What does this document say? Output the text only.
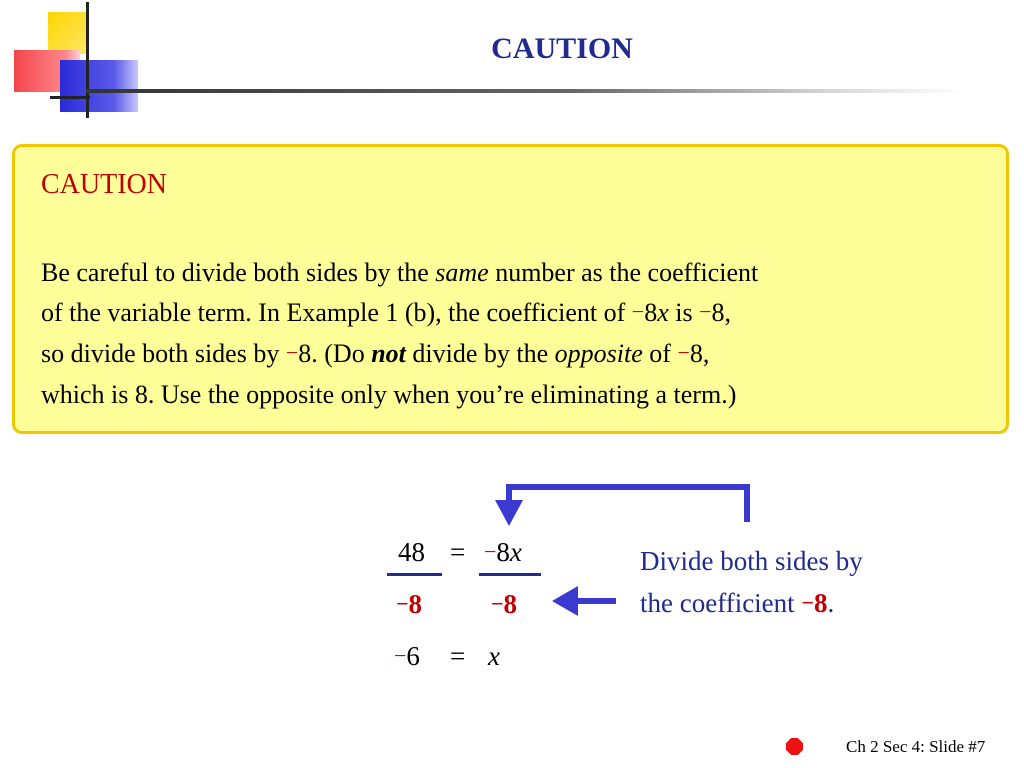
CAUTION
CAUTION

Be careful to divide both sides by the same number as the coefficient
of the variable term. In Example 1 (b), the coefficient of −8x is −8,
so divide both sides by −8. (Do not divide by the opposite of −8,
which is 8. Use the opposite only when you’re eliminating a term.)

48 = −8x
−8	−8
−6 = x
Divide both sides by
the coefficient −8.
Ch 2 Sec 4: Slide #7
